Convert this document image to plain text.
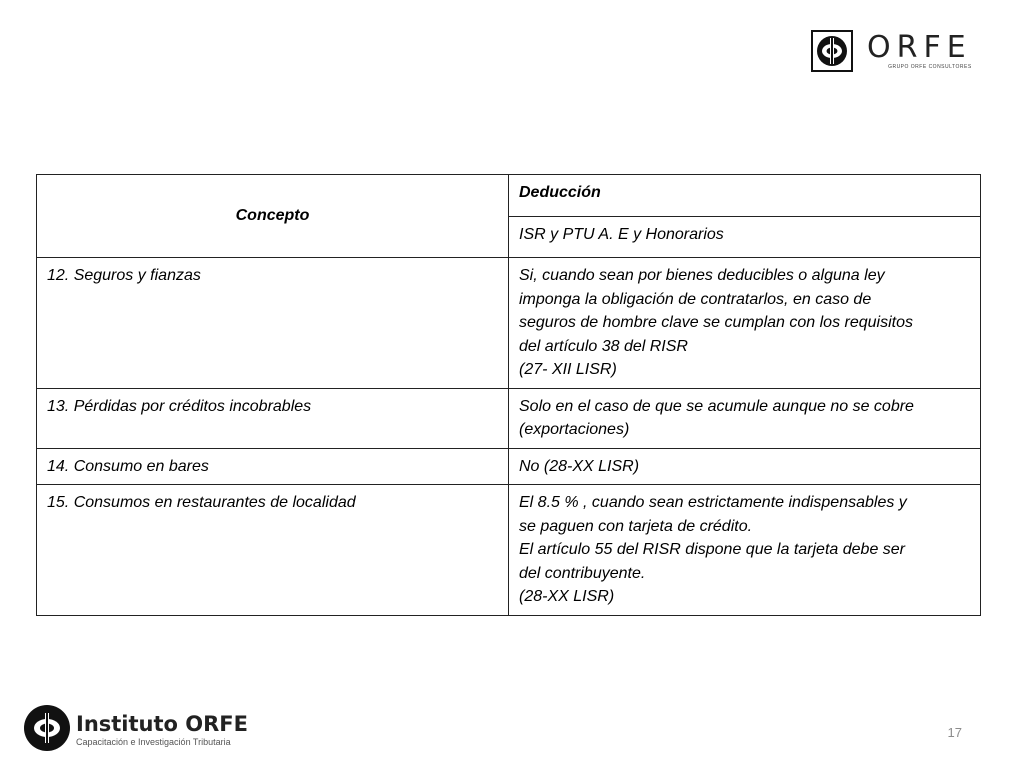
ORFE
GRUPO ORFE CONSULTORES
Concepto	Deducción
	ISR y PTU A. E y Honorarios
12. Seguros y fianzas	Si, cuando sean por bienes deducibles o alguna ley
imponga la obligación de contratarlos, en caso de
seguros de hombre clave se cumplan con los requisitos
del artículo 38 del RISR
(27- XII LISR)

13. Pérdidas por créditos incobrables	Solo en el caso de que se acumule aunque no se cobre
(exportaciones)

14. Consumo en bares	No (28-XX LISR)

15. Consumos en restaurantes de localidad	El 8.5 % , cuando sean estrictamente indispensables y
se paguen con tarjeta de crédito.
El artículo 55 del RISR dispone que la tarjeta debe ser
del contribuyente.
(28-XX LISR)
Instituto ORFE
Capacitación e Investigación Tributaria
17
